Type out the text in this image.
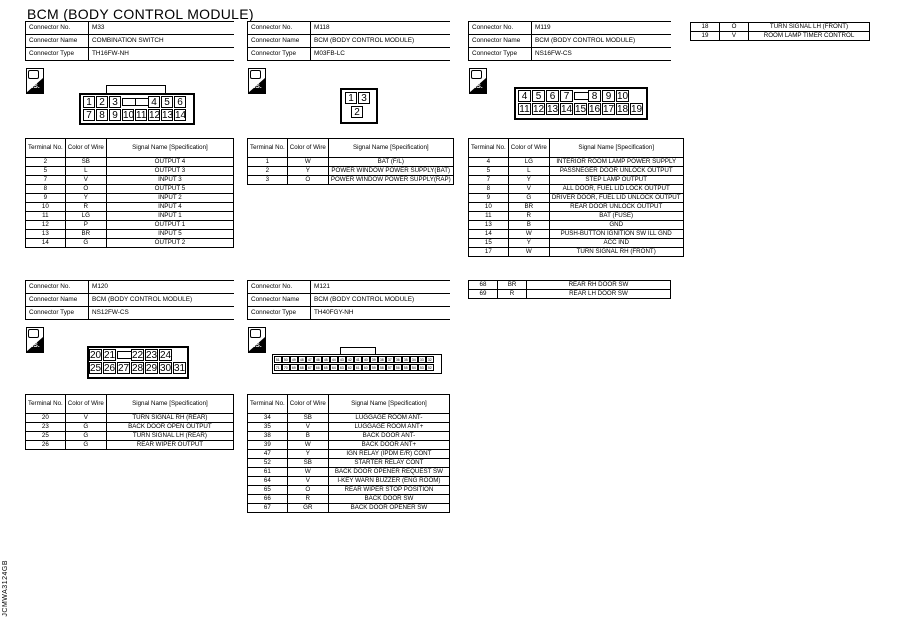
BCM (BODY CONTROL MODULE)
JCMWA3124GB
Connector No.	M33
Connector Name	COMBINATION SWITCH
Connector Type	TH16FW-NH
Connector No.	M118
Connector Name	BCM (BODY CONTROL MODULE)
Connector Type	M03FB-LC
Connector No.	M119
Connector Name	BCM (BODY CONTROL MODULE)
Connector Type	NS16FW-CS
Connector No.	M120
Connector Name	BCM (BODY CONTROL MODULE)
Connector Type	NS12FW-CS
Connector No.	M121
Connector Name	BCM (BODY CONTROL MODULE)
Connector Type	TH40FGY-NH
H.S.	H.S.	H.S.
H.S.	H.S.
1 2 3	4 5 6
7 8 9 10 11 12 13 14
1 3
2
4 5 6 7	8 9 10
11 12 13 14 15 16 17 18 19
20 21 22 23 24
25 26 27 28 29 30 31
51	50	49	48	47	46	45	44	43	42	41	40	39	38	37	36	35	34	33	32
71	70	69	68	67	66	65	64	63	62	61	60	59	58	57	56	55	54	53	52
Terminal No.	Color of Wire	Signal Name [Specification]
2	SB	OUTPUT 4
5	L	OUTPUT 3
7	V	INPUT 3
8	O	OUTPUT 5
9	Y	INPUT 2
10	R	INPUT 4
11	LG	INPUT 1
12	P	OUTPUT 1
13	BR	INPUT 5
14	G	OUTPUT 2
Terminal No.	Color of Wire	Signal Name [Specification]
1	W	BAT (F/L)
2	Y	POWER WINDOW POWER SUPPLY(BAT)
3	O	POWER WINDOW POWER SUPPLY(RAP)
Terminal No.	Color of Wire	Signal Name [Specification]
4	LG	INTERIOR ROOM LAMP POWER SUPPLY
5	L	PASSNEGER DOOR UNLOCK OUTPUT
7	Y	STEP LAMP OUTPUT
8	V	ALL DOOR, FUEL LID LOCK OUTPUT
9	G	DRIVER DOOR, FUEL LID UNLOCK OUTPUT
10	BR	REAR DOOR UNLOCK OUTPUT
11	R	BAT (FUSE)
13	B	GND
14	W	PUSH-BUTTON IGNITION SW ILL GND
15	Y	ACC IND
17	W	TURN SIGNAL RH (FRONT)
18	O	TURN SIGNAL LH (FRONT)
19	V	ROOM LAMP TIMER CONTROL
Terminal No.	Color of Wire	Signal Name [Specification]
20	V	TURN SIGNAL RH (REAR)
23	G	BACK DOOR OPEN OUTPUT
25	G	TURN SIGNAL LH (REAR)
26	G	REAR WIPER OUTPUT
Terminal No.	Color of Wire	Signal Name [Specification]
34	SB	LUGGAGE ROOM ANT-
35	V	LUGGAGE ROOM ANT+
38	B	BACK DOOR ANT-
39	W	BACK DOOR ANT+
47	Y	IGN RELAY (IPDM E/R) CONT
52	SB	STARTER RELAY CONT
61	W	BACK DOOR OPENER REQUEST SW
64	V	I-KEY WARN BUZZER (ENG ROOM)
65	O	REAR WIPER STOP POSITION
66	R	BACK DOOR SW
67	GR	BACK DOOR OPENER SW
68	BR	REAR RH DOOR SW
69	R	REAR LH DOOR SW
